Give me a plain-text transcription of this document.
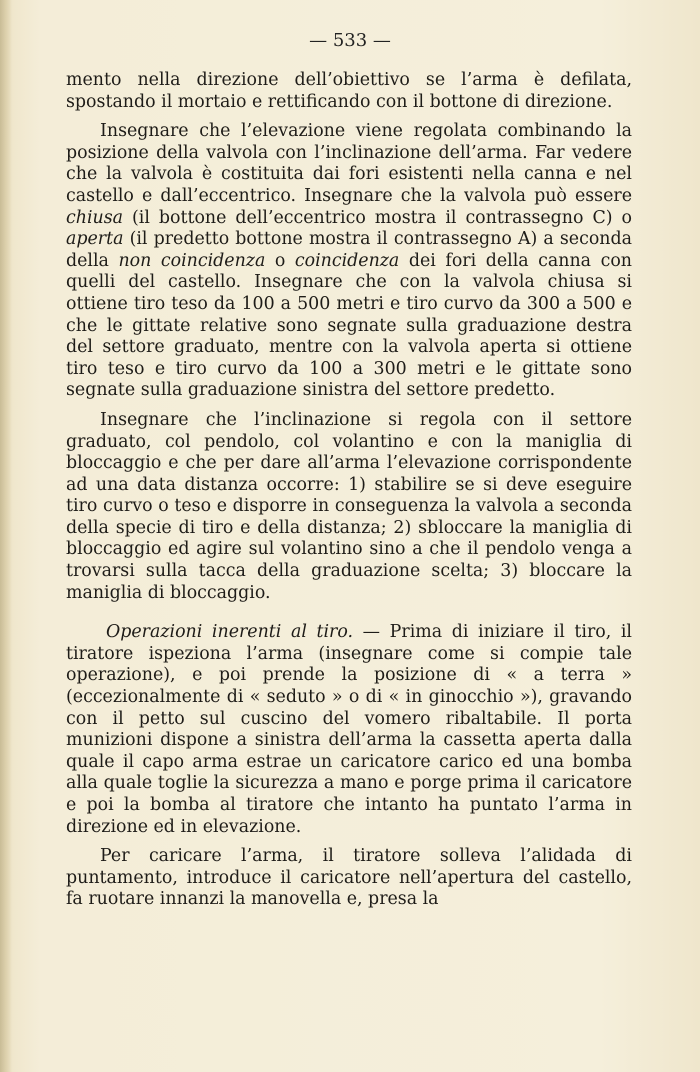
— 533 —

mento nella direzione dell’obiettivo se l’arma è defilata, spostando il mortaio e rettificando con il bottone di direzione.

Insegnare che l’elevazione viene regolata combinando la posizione della valvola con l’inclinazione dell’arma. Far vedere che la valvola è costituita dai fori esistenti nella canna e nel castello e dall’eccentrico. Insegnare che la valvola può essere chiusa (il bottone dell’eccentrico mostra il contrassegno C) o aperta (il predetto bottone mostra il contrassegno A) a seconda della non coincidenza o coincidenza dei fori della canna con quelli del castello. Insegnare che con la valvola chiusa si ottiene tiro teso da 100 a 500 metri e tiro curvo da 300 a 500 e che le gittate relative sono segnate sulla graduazione destra del settore graduato, mentre con la valvola aperta si ottiene tiro teso e tiro curvo da 100 a 300 metri e le gittate sono segnate sulla graduazione sinistra del settore predetto.

Insegnare che l’inclinazione si regola con il settore graduato, col pendolo, col volantino e con la maniglia di bloccaggio e che per dare all’arma l’elevazione corrispondente ad una data distanza occorre: 1) stabilire se si deve eseguire tiro curvo o teso e disporre in conseguenza la valvola a seconda della specie di tiro e della distanza; 2) sbloccare la maniglia di bloccaggio ed agire sul volantino sino a che il pendolo venga a trovarsi sulla tacca della graduazione scelta; 3) bloccare la maniglia di bloccaggio.

Operazioni inerenti al tiro. — Prima di iniziare il tiro, il tiratore ispeziona l’arma (insegnare come si compie tale operazione), e poi prende la posizione di « a terra » (eccezionalmente di « seduto » o di « in ginocchio »), gravando con il petto sul cuscino del vomero ribaltabile. Il porta munizioni dispone a sinistra dell’arma la cassetta aperta dalla quale il capo arma estrae un caricatore carico ed una bomba alla quale toglie la sicurezza a mano e porge prima il caricatore e poi la bomba al tiratore che intanto ha puntato l’arma in direzione ed in elevazione.

Per caricare l’arma, il tiratore solleva l’alidada di puntamento, introduce il caricatore nell’apertura del castello, fa ruotare innanzi la manovella e, presa la
